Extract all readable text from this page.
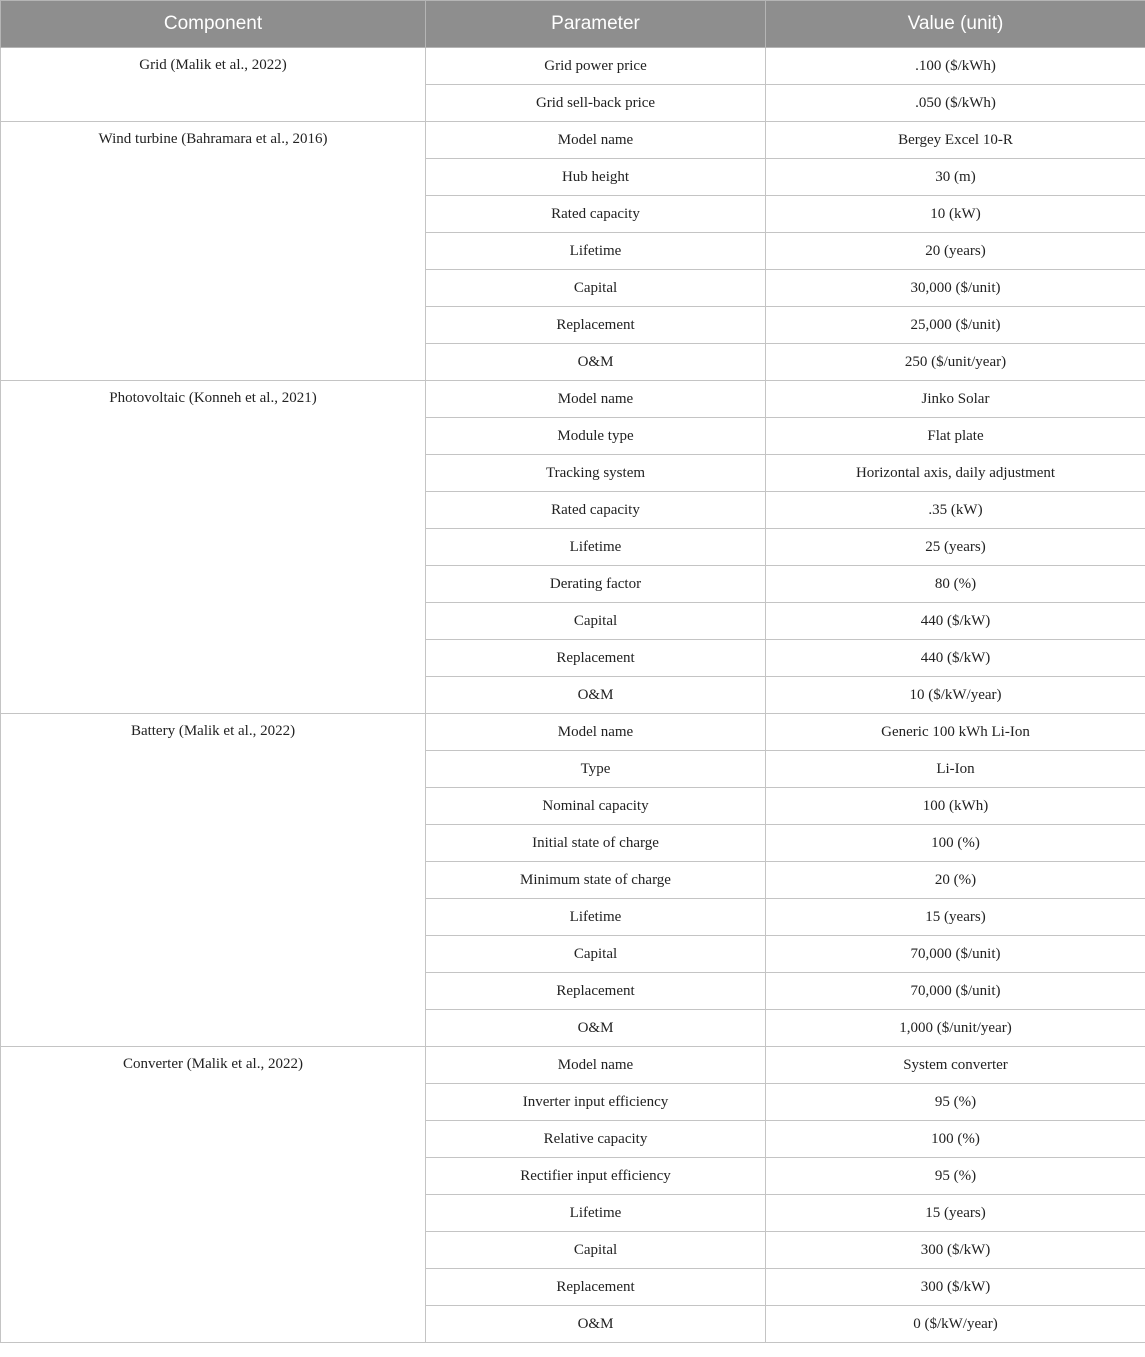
Component	Parameter	Value (unit)
Grid (Malik et al., 2022)	Grid power price	.100 ($/kWh)
	Grid sell-back price	.050 ($/kWh)
Wind turbine (Bahramara et al., 2016)	Model name	Bergey Excel 10-R
	Hub height	30 (m)
	Rated capacity	10 (kW)
	Lifetime	20 (years)
	Capital	30,000 ($/unit)
	Replacement	25,000 ($/unit)
	O&M	250 ($/unit/year)
Photovoltaic (Konneh et al., 2021)	Model name	Jinko Solar
	Module type	Flat plate
	Tracking system	Horizontal axis, daily adjustment
	Rated capacity	.35 (kW)
	Lifetime	25 (years)
	Derating factor	80 (%)
	Capital	440 ($/kW)
	Replacement	440 ($/kW)
	O&M	10 ($/kW/year)
Battery (Malik et al., 2022)	Model name	Generic 100 kWh Li-Ion
	Type	Li-Ion
	Nominal capacity	100 (kWh)
	Initial state of charge	100 (%)
	Minimum state of charge	20 (%)
	Lifetime	15 (years)
	Capital	70,000 ($/unit)
	Replacement	70,000 ($/unit)
	O&M	1,000 ($/unit/year)
Converter (Malik et al., 2022)	Model name	System converter
	Inverter input efficiency	95 (%)
	Relative capacity	100 (%)
	Rectifier input efficiency	95 (%)
	Lifetime	15 (years)
	Capital	300 ($/kW)
	Replacement	300 ($/kW)
	O&M	0 ($/kW/year)
